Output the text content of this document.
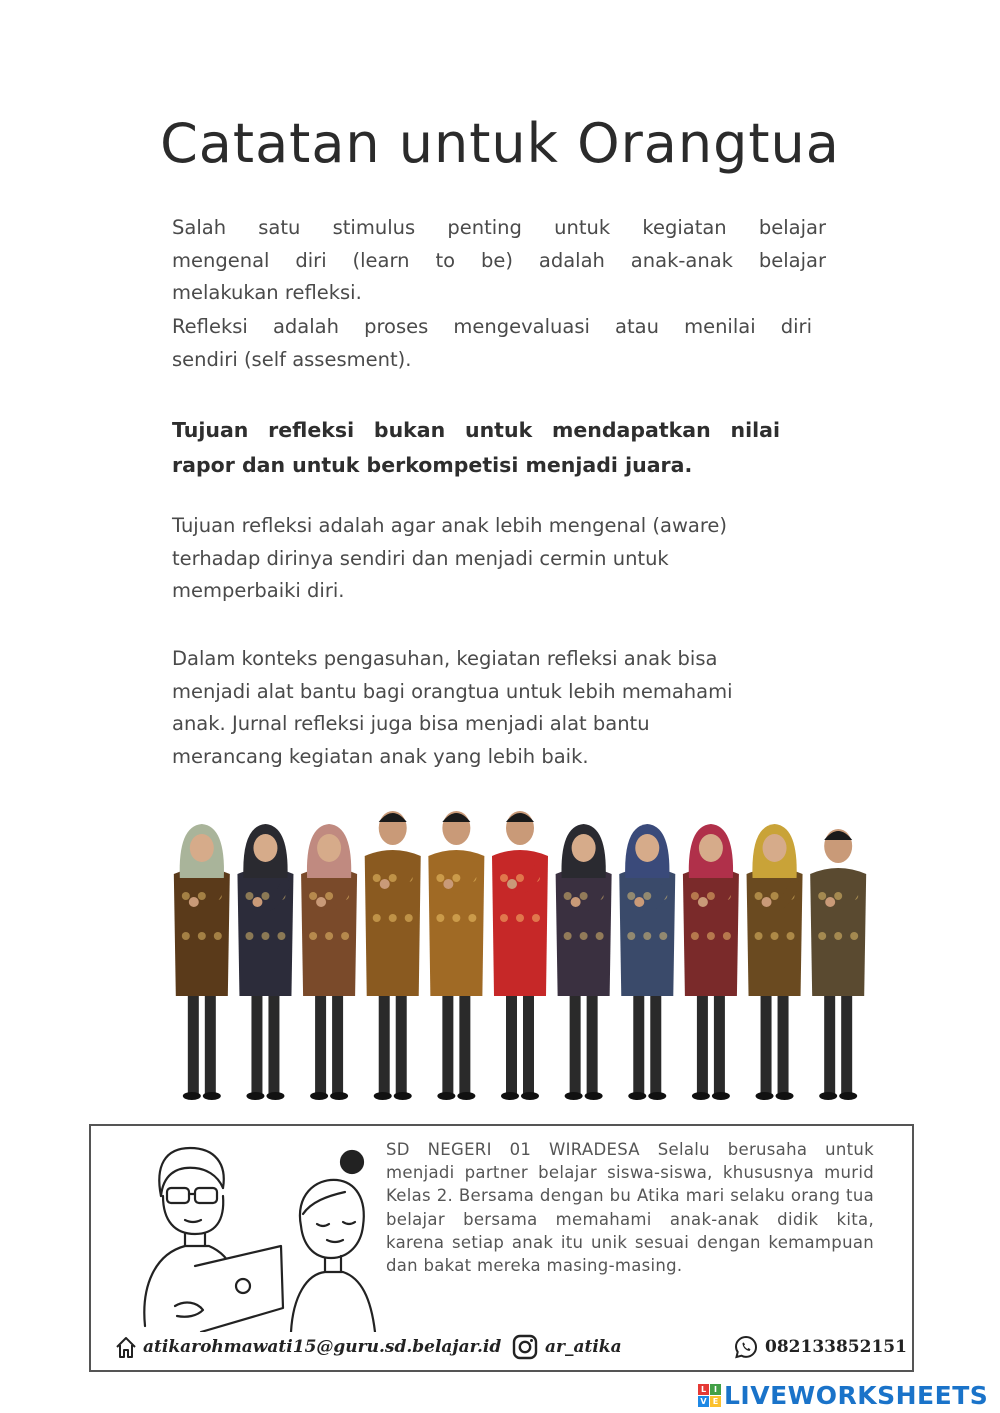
Catatan untuk Orangtua

Salah satu stimulus penting untuk kegiatan belajar

mengenal diri (learn to be) adalah anak-anak belajar

melakukan refleksi.

Refleksi adalah proses mengevaluasi atau menilai diri

sendiri (self assesment).

Tujuan refleksi bukan untuk mendapatkan nilai

rapor dan untuk berkompetisi menjadi juara.

Tujuan refleksi adalah agar anak lebih mengenal (aware)

terhadap dirinya sendiri dan menjadi cermin untuk

memperbaiki diri.

Dalam konteks pengasuhan, kegiatan refleksi anak bisa

menjadi alat bantu bagi orangtua untuk lebih memahami

anak. Jurnal refleksi juga bisa menjadi alat bantu

merancang kegiatan anak yang lebih baik.

SD NEGERI 01 WIRADESA Selalu berusaha untuk menjadi partner belajar siswa-siswa, khususnya murid Kelas 2. Bersama dengan bu Atika mari selaku orang tua belajar bersama memahami anak-anak didik kita, karena setiap anak itu unik sesuai dengan kemampuan dan bakat mereka masing-masing.

atikarohmawati15@guru.sd.belajar.id	ar_atika	082133852151
L I
V E LIVEWORKSHEETS
